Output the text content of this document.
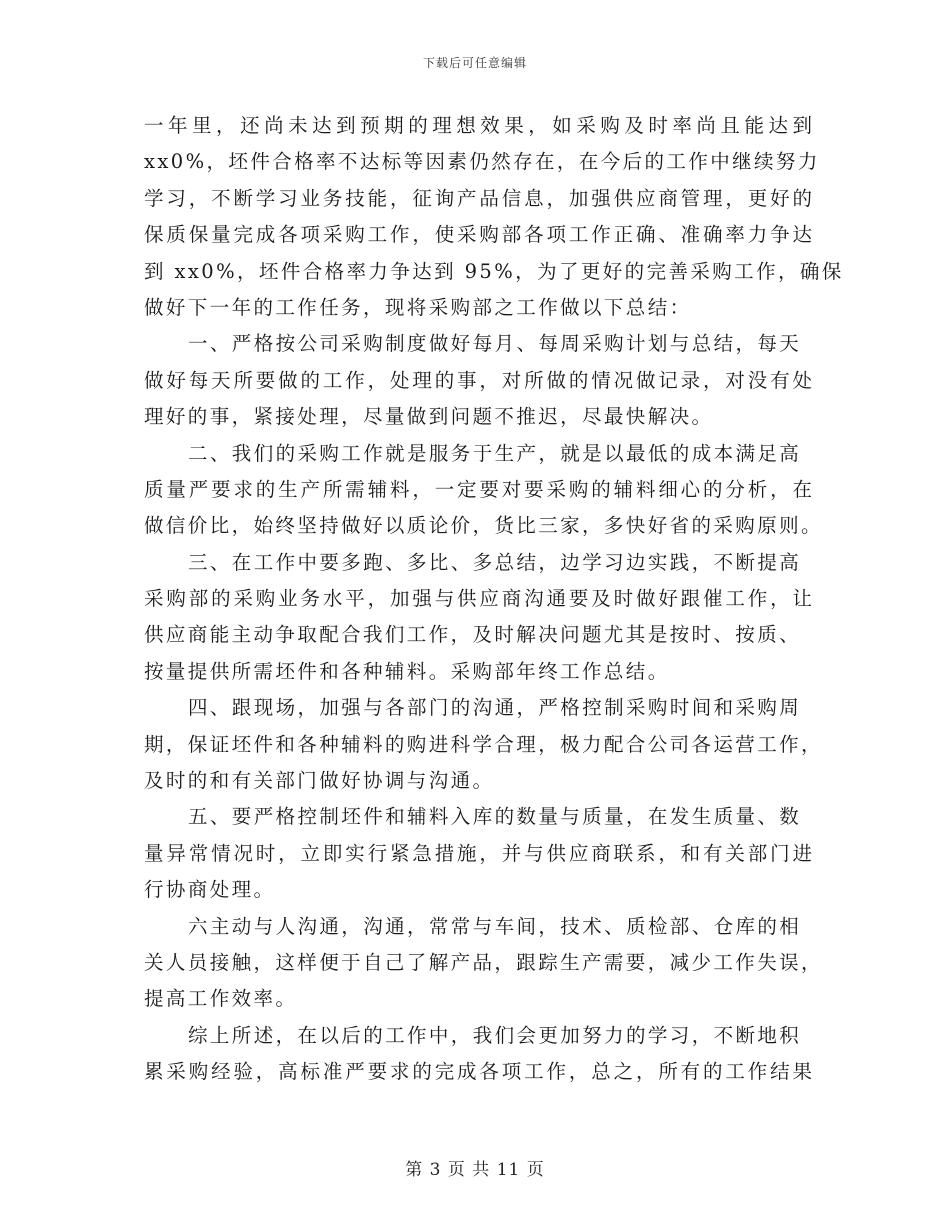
下载后可任意编辑
一年里，还尚未达到预期的理想效果，如采购及时率尚且能达到
xx0%，坯件合格率不达标等因素仍然存在，在今后的工作中继续努力
学习，不断学习业务技能，征询产品信息，加强供应商管理，更好的
保质保量完成各项采购工作，使采购部各项工作正确、准确率力争达
到 xx0%，坯件合格率力争达到 95%，为了更好的完善采购工作，确保
做好下一年的工作任务，现将采购部之工作做以下总结：
一、严格按公司采购制度做好每月、每周采购计划与总结，每天
做好每天所要做的工作，处理的事，对所做的情况做记录，对没有处
理好的事，紧接处理，尽量做到问题不推迟，尽最快解决。
二、我们的采购工作就是服务于生产，就是以最低的成本满足高
质量严要求的生产所需辅料，一定要对要采购的辅料细心的分析，在
做信价比，始终坚持做好以质论价，货比三家，多快好省的采购原则。
三、在工作中要多跑、多比、多总结，边学习边实践，不断提高
采购部的采购业务水平，加强与供应商沟通要及时做好跟催工作，让
供应商能主动争取配合我们工作，及时解决问题尤其是按时、按质、
按量提供所需坯件和各种辅料。采购部年终工作总结。
四、跟现场，加强与各部门的沟通，严格控制采购时间和采购周
期，保证坯件和各种辅料的购进科学合理，极力配合公司各运营工作，
及时的和有关部门做好协调与沟通。
五、要严格控制坯件和辅料入库的数量与质量，在发生质量、数
量异常情况时，立即实行紧急措施，并与供应商联系，和有关部门进
行协商处理。
六主动与人沟通，沟通，常常与车间，技术、质检部、仓库的相
关人员接触，这样便于自己了解产品，跟踪生产需要，减少工作失误，
提高工作效率。
综上所述，在以后的工作中，我们会更加努力的学习，不断地积
累采购经验，高标准严要求的完成各项工作，总之，所有的工作结果
第 3 页 共 11 页
